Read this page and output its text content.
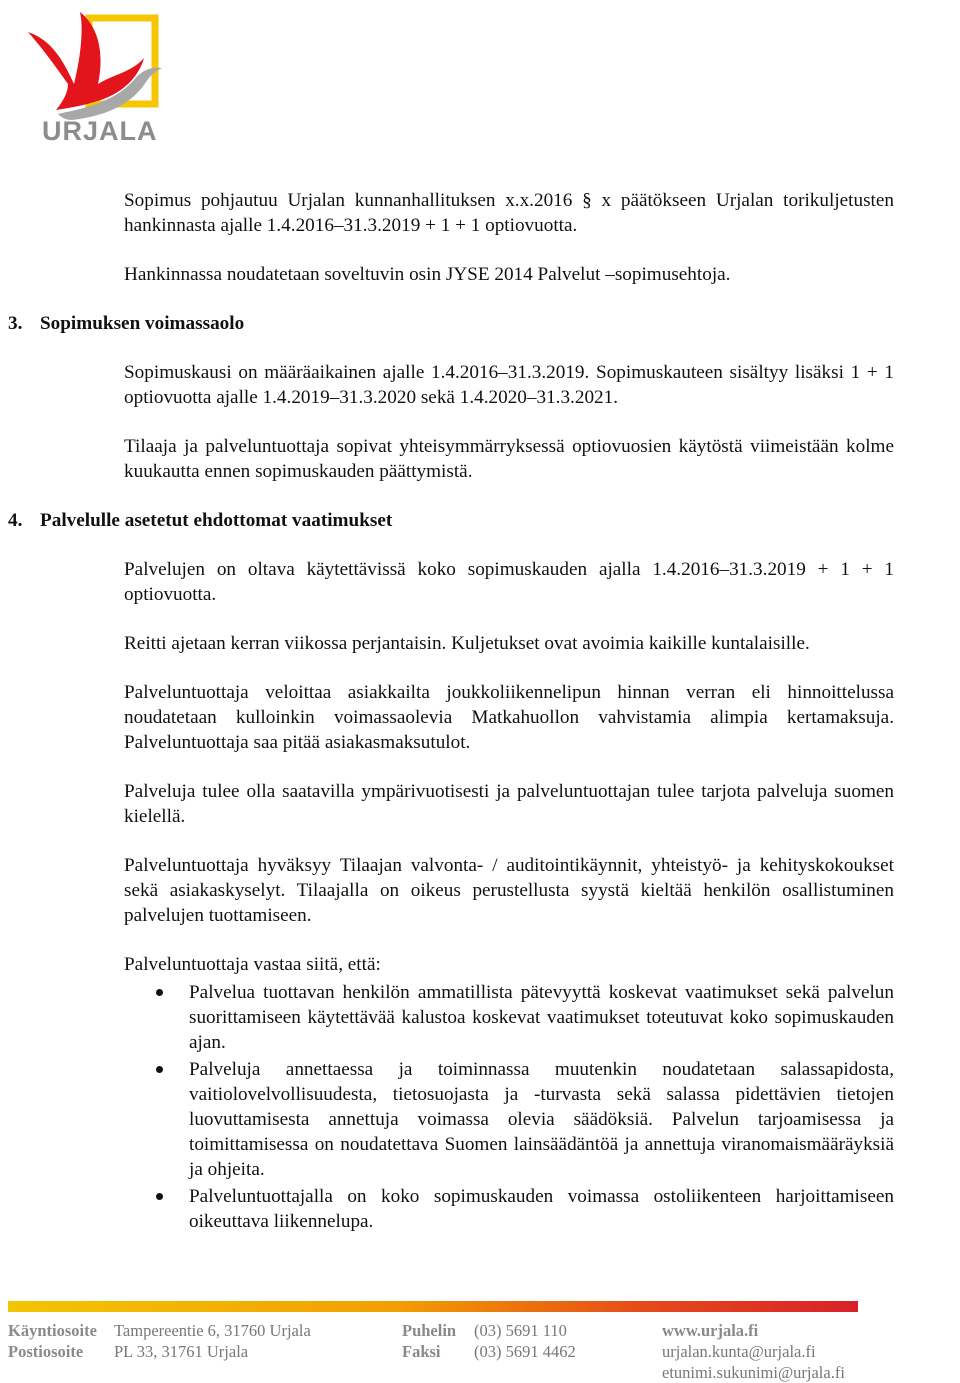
URJALA
Sopimus pohjautuu Urjalan kunnanhallituksen x.x.2016 § x päätökseen Urjalan torikuljetusten hankinnasta ajalle 1.4.2016–31.3.2019 + 1 + 1 optiovuotta.
Hankinnassa noudatetaan soveltuvin osin JYSE 2014 Palvelut –sopimusehtoja.
3. Sopimuksen voimassaolo
Sopimuskausi on määräaikainen ajalle 1.4.2016–31.3.2019. Sopimuskauteen sisältyy lisäksi 1 + 1 optiovuotta ajalle 1.4.2019–31.3.2020 sekä 1.4.2020–31.3.2021.
Tilaaja ja palveluntuottaja sopivat yhteisymmärryksessä optiovuosien käytöstä viimeistään kolme kuukautta ennen sopimuskauden päättymistä.
4. Palvelulle asetetut ehdottomat vaatimukset
Palvelujen on oltava käytettävissä koko sopimuskauden ajalla 1.4.2016–31.3.2019 + 1 + 1 optiovuotta.
Reitti ajetaan kerran viikossa perjantaisin. Kuljetukset ovat avoimia kaikille kuntalaisille.
Palveluntuottaja veloittaa asiakkailta joukkoliikennelipun hinnan verran eli hinnoittelussa noudatetaan kulloinkin voimassaolevia Matkahuollon vahvistamia alimpia kertamaksuja. Palveluntuottaja saa pitää asiakasmaksutulot.
Palveluja tulee olla saatavilla ympärivuotisesti ja palveluntuottajan tulee tarjota palveluja suomen kielellä.
Palveluntuottaja hyväksyy Tilaajan valvonta- / auditointikäynnit, yhteistyö- ja kehityskokoukset sekä asiakaskyselyt. Tilaajalla on oikeus perustellusta syystä kieltää henkilön osallistuminen palvelujen tuottamiseen.
Palveluntuottaja vastaa siitä, että:
Palvelua tuottavan henkilön ammatillista pätevyyttä koskevat vaatimukset sekä palvelun suorittamiseen käytettävää kalustoa koskevat vaatimukset toteutuvat koko sopimuskauden ajan.
Palveluja annettaessa ja toiminnassa muutenkin noudatetaan salassapidosta, vaitiolovelvollisuudesta, tietosuojasta ja -turvasta sekä salassa pidettävien tietojen luovuttamisesta annettuja voimassa olevia säädöksiä. Palvelun tarjoamisessa ja toimittamisessa on noudatettava Suomen lainsäädäntöä ja annettuja viranomaismääräyksiä ja ohjeita.
Palveluntuottajalla on koko sopimuskauden voimassa ostoliikenteen harjoittamiseen oikeuttava liikennelupa.
Käyntiosoite
Postiosoite
Tampereentie 6, 31760 Urjala
PL 33, 31761 Urjala
Puhelin
Faksi
(03) 5691 110
(03) 5691 4462
www.urjala.fi
urjalan.kunta@urjala.fi
etunimi.sukunimi@urjala.fi
